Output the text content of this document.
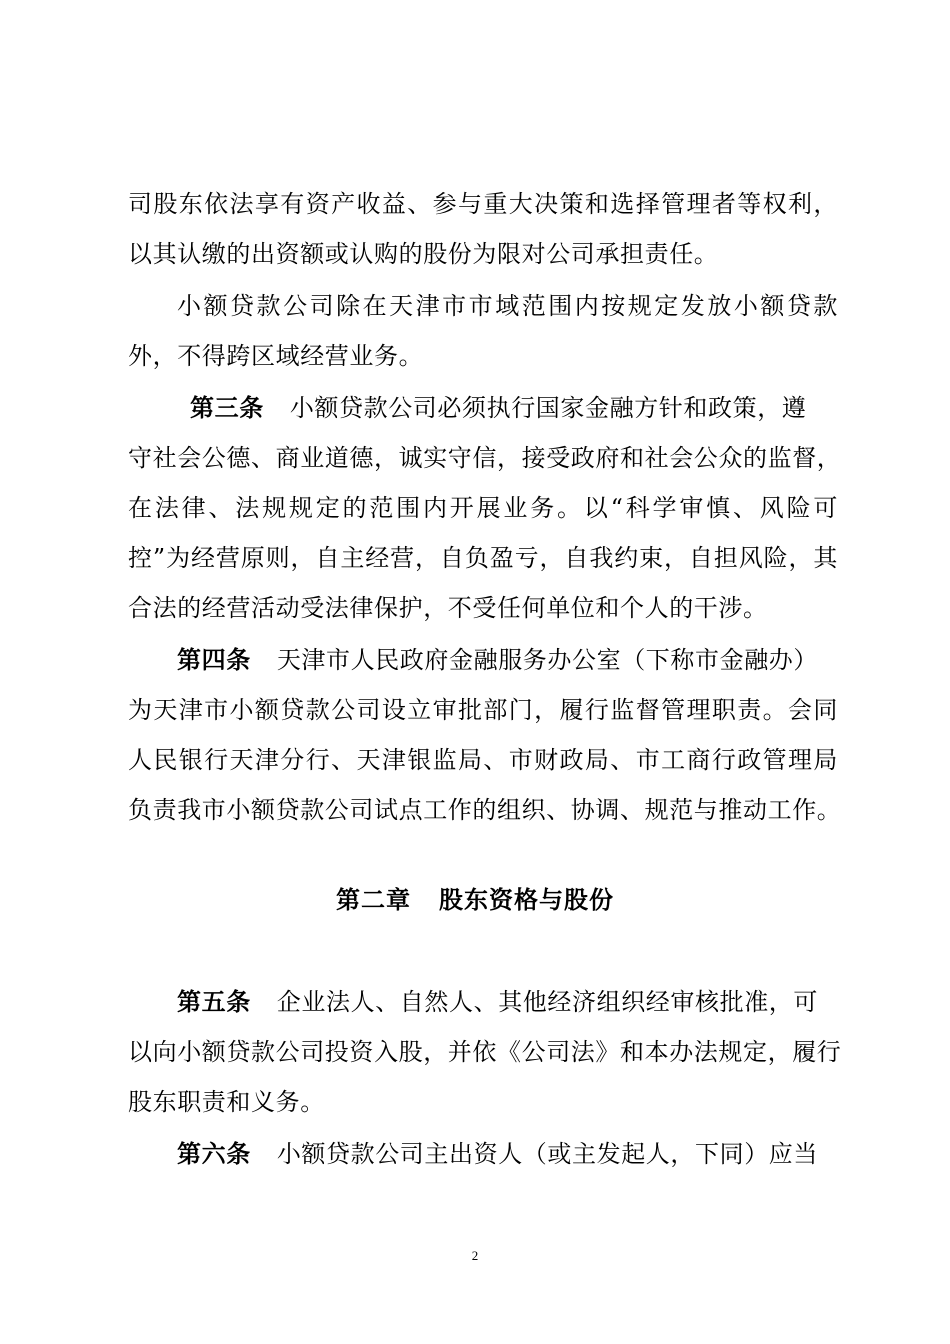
司股东依法享有资产收益、参与重大决策和选择管理者等权利，
以其认缴的出资额或认购的股份为限对公司承担责任。
小额贷款公司除在天津市市域范围内按规定发放小额贷款
外，不得跨区域经营业务。
第三条 小额贷款公司必须执行国家金融方针和政策，遵
守社会公德、商业道德，诚实守信，接受政府和社会公众的监督，
在法律、法规规定的范围内开展业务。以“科学审慎、风险可
控”为经营原则，自主经营，自负盈亏，自我约束，自担风险，其
合法的经营活动受法律保护，不受任何单位和个人的干涉。
第四条 天津市人民政府金融服务办公室（下称市金融办）
为天津市小额贷款公司设立审批部门，履行监督管理职责。会同
人民银行天津分行、天津银监局、市财政局、市工商行政管理局
负责我市小额贷款公司试点工作的组织、协调、规范与推动工作。
第二章 股东资格与股份
第五条 企业法人、自然人、其他经济组织经审核批准，可
以向小额贷款公司投资入股，并依《公司法》和本办法规定，履行
股东职责和义务。
第六条 小额贷款公司主出资人（或主发起人，下同）应当
2
